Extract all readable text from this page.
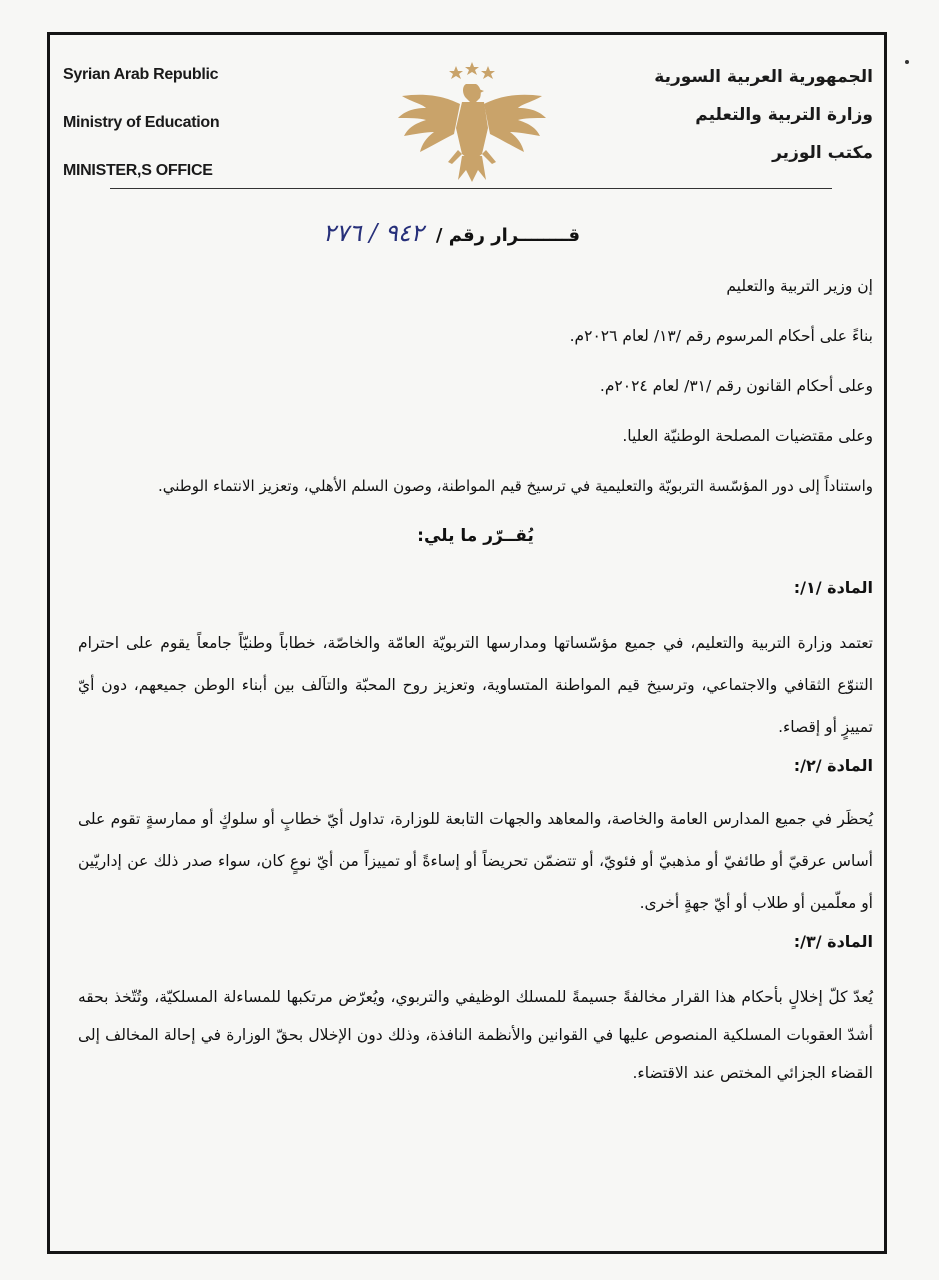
Syrian Arab Republic
Ministry of Education
MINISTER,S OFFICE
الجمهورية العربية السورية
وزارة التربية والتعليم
مكتب الوزير
قــــــــرار رقم / ٩٤٢ / ٢٧٦
إن وزير التربية والتعليم
بناءً على أحكام المرسوم رقم /١٣/ لعام ٢٠٢٦م.
وعلى أحكام القانون رقم /٣١/ لعام ٢٠٢٤م.
وعلى مقتضيات المصلحة الوطنيّة العليا.
واستناداً إلى دور المؤسّسة التربويّة والتعليمية في ترسيخ قيم المواطنة، وصون السلم الأهلي، وتعزيز الانتماء الوطني.
يُقــرّر ما يلي:
المادة /١/:
تعتمد وزارة التربية والتعليم، في جميع مؤسّساتها ومدارسها التربويّة العامّة والخاصّة، خطاباً وطنيّاً جامعاً يقوم على احترام التنوّع الثقافي والاجتماعي، وترسيخ قيم المواطنة المتساوية، وتعزيز روح المحبّة والتآلف بين أبناء الوطن جميعهم، دون أيّ تمييزٍ أو إقصاء.
المادة /٢/:
يُحظَر في جميع المدارس العامة والخاصة، والمعاهد والجهات التابعة للوزارة، تداول أيّ خطابٍ أو سلوكٍ أو ممارسةٍ تقوم على أساس عرقيّ أو طائفيّ أو مذهبيّ أو فئويّ، أو تتضمّن تحريضاً أو إساءةً أو تمييزاً من أيّ نوعٍ كان، سواء صدر ذلك عن إداريّين أو معلّمين أو طلاب أو أيّ جهةٍ أخرى.
المادة /٣/:
يُعدّ كلّ إخلالٍ بأحكام هذا القرار مخالفةً جسيمةً للمسلك الوظيفي والتربوي، ويُعرّض مرتكبها للمساءلة المسلكيّة، وتُتّخذ بحقه أشدّ العقوبات المسلكية المنصوص عليها في القوانين والأنظمة النافذة، وذلك دون الإخلال بحقّ الوزارة في إحالة المخالف إلى القضاء الجزائي المختص عند الاقتضاء.
